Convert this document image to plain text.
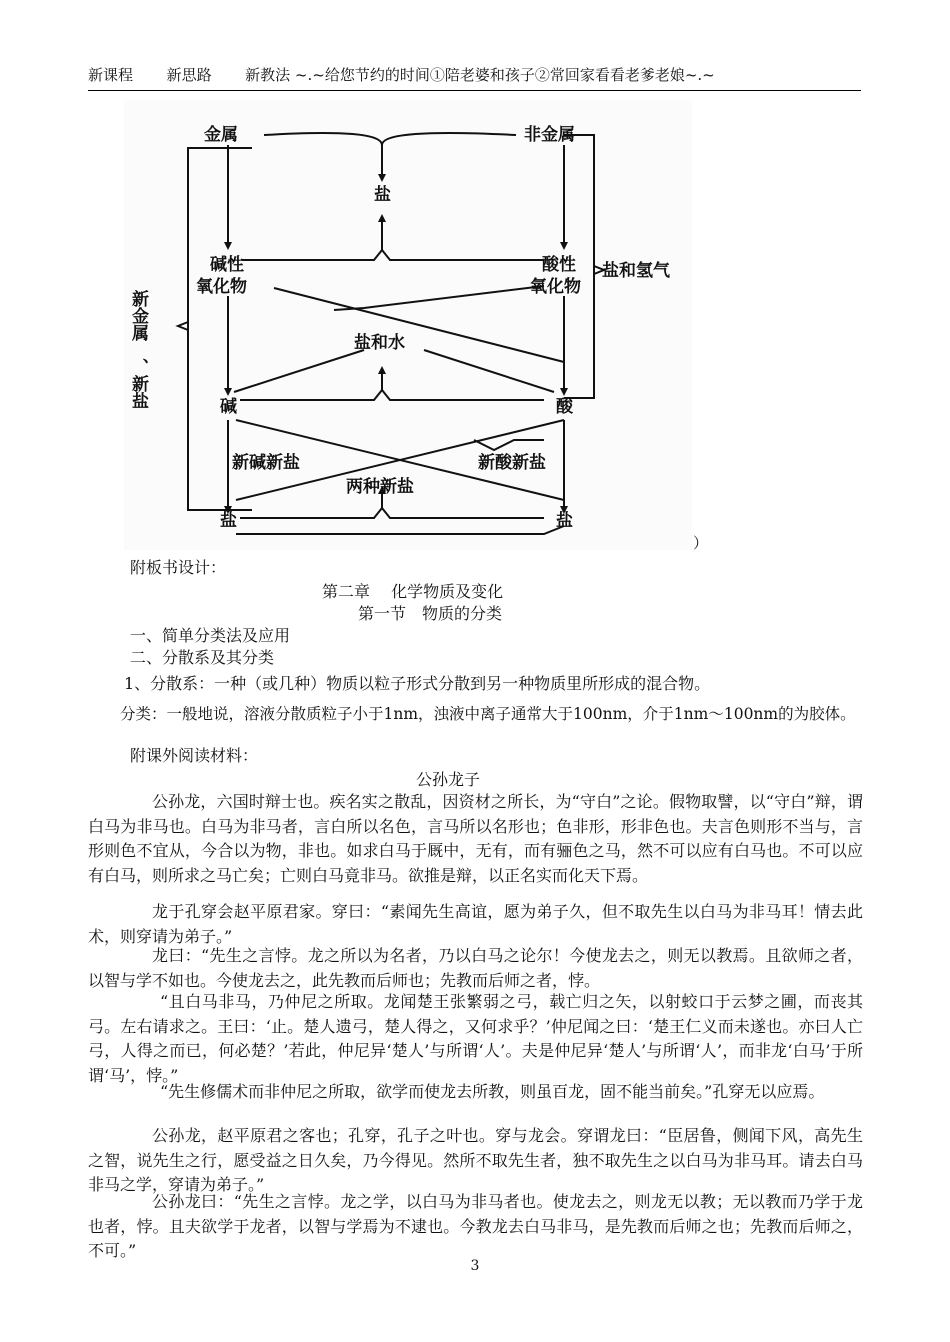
新课程 新思路 新教法 ~.~给您节约的时间①陪老婆和孩子②常回家看看老爹老娘~.~
金属	非金属
盐
碱性
氧化物
酸性
氧化物
盐和水
碱	酸
新碱新盐	新酸新盐
两种新盐
盐	盐
盐和氢气
新金属
、新盐
）
附板书设计：
第二章　 化学物质及变化
第一节　物质的分类
一、简单分类法及应用
二、分散系及其分类
1、分散系：一种（或几种）物质以粒子形式分散到另一种物质里所形成的混合物。
分类：一般地说，溶液分散质粒子小于1nm，浊液中离子通常大于100nm，介于1nm～100nm的为胶体。
附课外阅读材料：
公孙龙子
公孙龙，六国时辩士也。疾名实之散乱，因资材之所长，为“守白”之论。假物取譬，以“守白”辩，谓白马为非马也。白马为非马者，言白所以名色，言马所以名形也；色非形，形非色也。夫言色则形不当与，言形则色不宜从，今合以为物，非也。如求白马于厩中，无有，而有骊色之马，然不可以应有白马也。不可以应有白马，则所求之马亡矣；亡则白马竟非马。欲推是辩，以正名实而化天下焉。
龙于孔穿会赵平原君家。穿曰：“素闻先生高谊，愿为弟子久，但不取先生以白马为非马耳！情去此术，则穿请为弟子。”
龙曰：“先生之言悖。龙之所以为名者，乃以白马之论尔！今使龙去之，则无以教焉。且欲师之者，以智与学不如也。今使龙去之，此先教而后师也；先教而后师之者，悖。
“且白马非马，乃仲尼之所取。龙闻楚王张繁弱之弓，载亡归之矢，以射蛟口于云梦之圃，而丧其弓。左右请求之。王曰：‘止。楚人遗弓，楚人得之，又何求乎？’仲尼闻之曰：‘楚王仁义而未遂也。亦曰人亡弓，人得之而已，何必楚？’若此，仲尼异‘楚人’与所谓‘人’。夫是仲尼异‘楚人’与所谓‘人’，而非龙‘白马’于所谓‘马’，悖。”
“先生修儒术而非仲尼之所取，欲学而使龙去所教，则虽百龙，固不能当前矣。”孔穿无以应焉。
公孙龙，赵平原君之客也；孔穿，孔子之叶也。穿与龙会。穿谓龙曰：“臣居鲁，侧闻下风，高先生之智，说先生之行，愿受益之日久矣，乃今得见。然所不取先生者，独不取先生之以白马为非马耳。请去白马非马之学，穿请为弟子。”
公孙龙曰：“先生之言悖。龙之学，以白马为非马者也。使龙去之，则龙无以教；无以教而乃学于龙也者，悖。且夫欲学于龙者，以智与学焉为不逮也。今教龙去白马非马，是先教而后师之也；先教而后师之，不可。”
3
